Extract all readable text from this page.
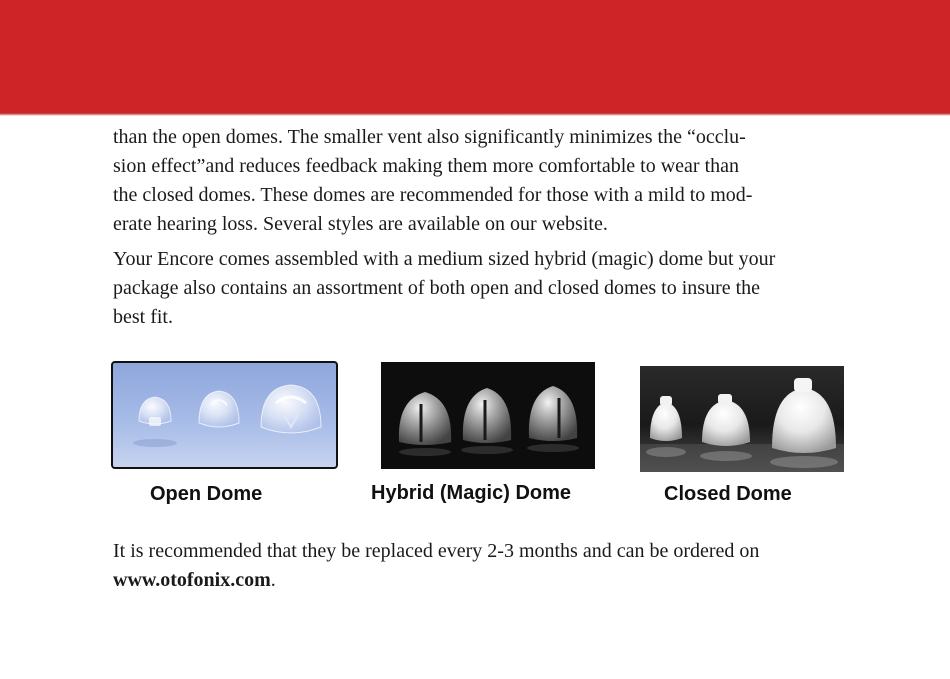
than the open domes. The smaller vent also significantly minimizes the “occlu-
sion effect”and reduces feedback making them more comfortable to wear than
the closed domes. These domes are recommended for those with a mild to mod-
erate hearing loss. Several styles are available on our website.

Your Encore comes assembled with a medium sized hybrid (magic) dome but your
package also contains an assortment of both open and closed domes to insure the
best fit.

Open Dome	Hybrid (Magic) Dome	Closed Dome

It is recommended that they be replaced every 2-3 months and can be ordered on
www.otofonix.com.
